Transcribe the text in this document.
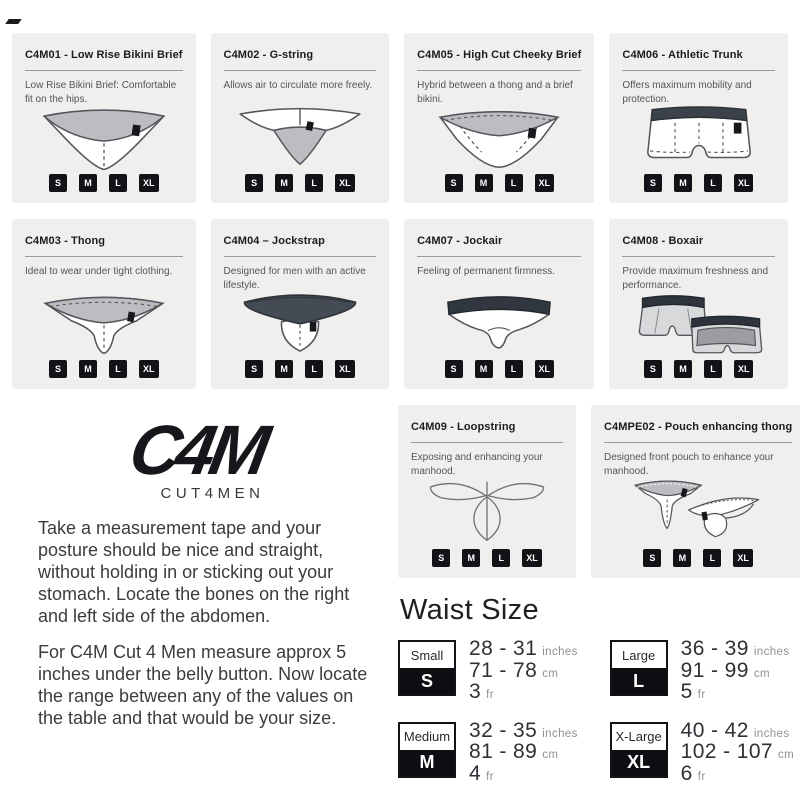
C4M01 - Low Rise Bikini Brief

Low Rise Bikini Brief: Comfortable fit on the hips.

S	M	L	XL
C4M02 - G-string

Allows air to circulate more freely.

S	M	L	XL
C4M05 - High Cut Cheeky Brief

Hybrid between a thong and a brief bikini.

S	M	L	XL
C4M06 - Athletic Trunk

Offers maximum mobility and protection.

S	M	L	XL
C4M03 - Thong

Ideal to wear under tight clothing.

S	M	L	XL
C4M04 – Jockstrap

Designed for men with an active lifestyle.

S	M	L	XL
C4M07 - Jockair

Feeling of permanent firmness.

S	M	L	XL
C4M08 - Boxair

Provide maximum freshness and performance.

S	M	L	XL
C4M
CUT4MEN

Take a measurement tape and your posture should be nice and straight, without holding in or sticking out your stomach. Locate the bones on the right and left side of the abdomen.

For C4M Cut 4 Men measure approx 5 inches under the belly button. Now locate the range between any of the values on the table and that would be your size.

C4M09 - Loopstring

Exposing and enhancing your manhood.

S	M	L	XL
C4MPE02 - Pouch enhancing thong

Designed front pouch to enhance your manhood.

S	M	L	XL
Waist Size
Small
S
28 - 31 inches
71 - 78 cm
3 fr
Large
L
36 - 39 inches
91 - 99 cm
5 fr
Medium
M
32 - 35 inches
81 - 89 cm
4 fr
X-Large
XL
40 - 42 inches
102 - 107 cm
6 fr
